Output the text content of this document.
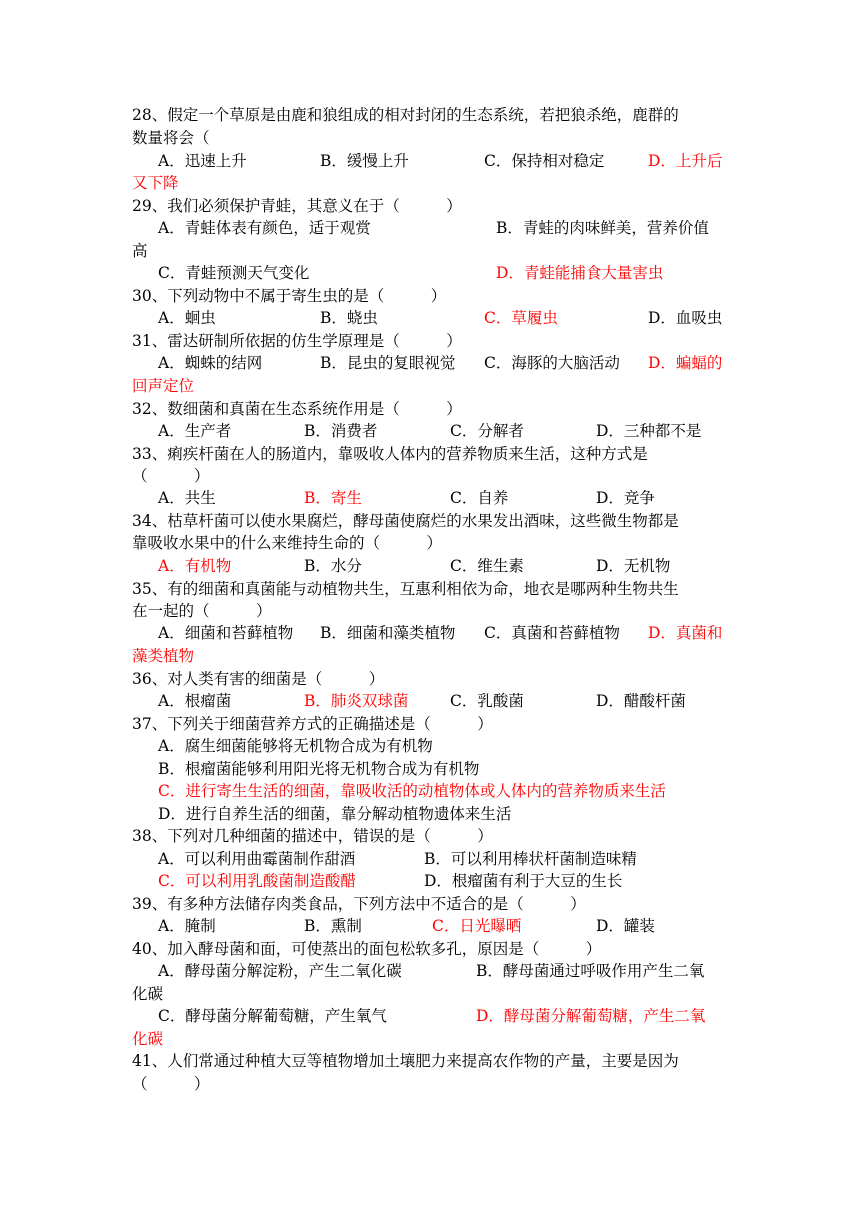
28、假定一个草原是由鹿和狼组成的相对封闭的生态系统，若把狼杀绝，鹿群的
数量将会（
A．迅速上升	B．缓慢上升	C．保持相对稳定	D．上升后
又下降
29、我们必须保护青蛙，其意义在于（　　　）
A．青蛙体表有颜色，适于观赏	B．青蛙的肉味鲜美，营养价值
高
C．青蛙预测天气变化	D．青蛙能捕食大量害虫
30、下列动物中不属于寄生虫的是（　　　）
A．蛔虫	B．蛲虫	C．草履虫	D．血吸虫
31、雷达研制所依据的仿生学原理是（　　　）
A．蜘蛛的结网	B．昆虫的复眼视觉 C．海豚的大脑活动 D．蝙蝠的
回声定位
32、数细菌和真菌在生态系统作用是（　　　）
A．生产者	B．消费者	C．分解者	D．三种都不是
33、痢疾杆菌在人的肠道内，靠吸收人体内的营养物质来生活，这种方式是
（　　　）
A．共生	B．寄生	C．自养	D．竞争
34、枯草杆菌可以使水果腐烂，酵母菌使腐烂的水果发出酒味，这些微生物都是
靠吸收水果中的什么来维持生命的（　　　）
A．有机物	B．水分	C．维生素	D．无机物
35、有的细菌和真菌能与动植物共生，互惠利相依为命，地衣是哪两种生物共生
在一起的（　　　）
A．细菌和苔藓植物 B．细菌和藻类植物 C．真菌和苔藓植物 D．真菌和
藻类植物
36、对人类有害的细菌是（　　　）
A．根瘤菌	B．肺炎双球菌	C．乳酸菌	D．醋酸杆菌
37、下列关于细菌营养方式的正确描述是（　　　）
A．腐生细菌能够将无机物合成为有机物
B．根瘤菌能够利用阳光将无机物合成为有机物
C．进行寄生生活的细菌，靠吸收活的动植物体或人体内的营养物质来生活
D．进行自养生活的细菌，靠分解动植物遗体来生活
38、下列对几种细菌的描述中，错误的是（　　　）
A．可以利用曲霉菌制作甜酒	B．可以利用棒状杆菌制造味精
C．可以利用乳酸菌制造酸醋	D．根瘤菌有利于大豆的生长
39、有多种方法储存肉类食品，下列方法中不适合的是（　　　）
A．腌制	B．熏制	C．日光曝晒	D．罐装
40、加入酵母菌和面，可使蒸出的面包松软多孔，原因是（　　　）
A．酵母菌分解淀粉，产生二氧化碳	B．酵母菌通过呼吸作用产生二氧
化碳
C．酵母菌分解葡萄糖，产生氧气	D．酵母菌分解葡萄糖，产生二氧
化碳
41、人们常通过种植大豆等植物增加土壤肥力来提高农作物的产量，主要是因为
（　　　）
